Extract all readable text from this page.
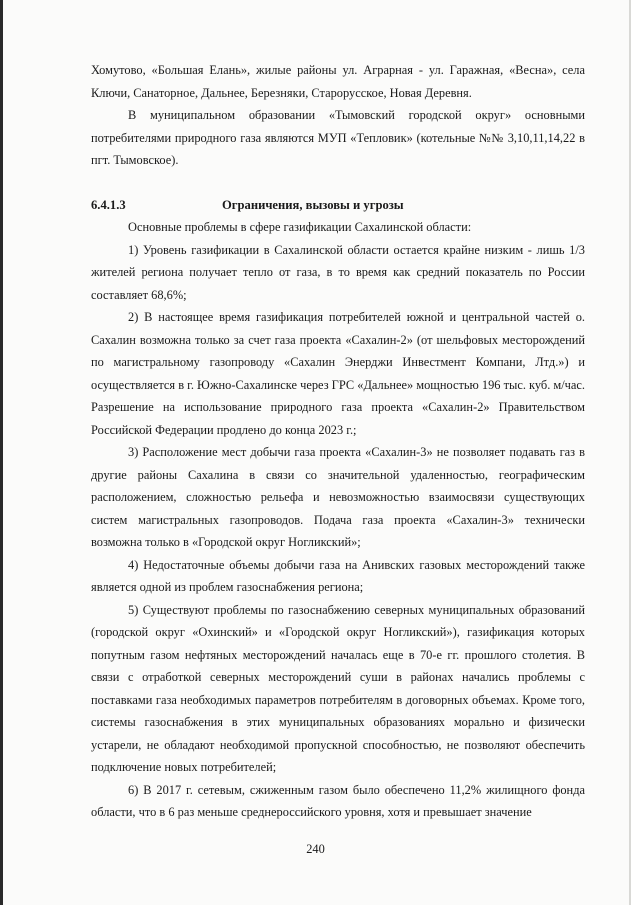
Хомутово, «Большая Елань», жилые районы ул. Аграрная - ул. Гаражная, «Весна», села Ключи, Санаторное, Дальнее, Березняки, Старорусское, Новая Деревня.

В муниципальном образовании «Тымовский городской округ» основными потребителями природного газа являются МУП «Тепловик» (котельные №№ 3,10,11,14,22 в пгт. Тымовское).

6.4.1.3	Ограничения, вызовы и угрозы

Основные проблемы в сфере газификации Сахалинской области:

1) Уровень газификации в Сахалинской области остается крайне низким - лишь 1/3 жителей региона получает тепло от газа, в то время как средний показатель по России составляет 68,6%;

2) В настоящее время газификация потребителей южной и центральной частей о. Сахалин возможна только за счет газа проекта «Сахалин-2» (от шельфовых месторождений по магистральному газопроводу «Сахалин Энерджи Инвестмент Компани, Лтд.») и осуществляется в г. Южно-Сахалинске через ГРС «Дальнее» мощностью 196 тыс. куб. м/час. Разрешение на использование природного газа проекта «Сахалин-2» Правительством Российской Федерации продлено до конца 2023 г.;

3) Расположение мест добычи газа проекта «Сахалин-3» не позволяет подавать газ в другие районы Сахалина в связи со значительной удаленностью, географическим расположением, сложностью рельефа и невозможностью взаимосвязи существующих систем магистральных газопроводов. Подача газа проекта «Сахалин-3» технически возможна только в «Городской округ Ногликский»;

4) Недостаточные объемы добычи газа на Анивских газовых месторождений также является одной из проблем газоснабжения региона;

5) Существуют проблемы по газоснабжению северных муниципальных образований (городской округ «Охинский» и «Городской округ Ногликский»), газификация которых попутным газом нефтяных месторождений началась еще в 70-е гг. прошлого столетия. В связи с отработкой северных месторождений суши в районах начались проблемы с поставками газа необходимых параметров потребителям в договорных объемах. Кроме того, системы газоснабжения в этих муниципальных образованиях морально и физически устарели, не обладают необходимой пропускной способностью, не позволяют обеспечить подключение новых потребителей;

6) В 2017 г. сетевым, сжиженным газом было обеспечено 11,2% жилищного фонда области, что в 6 раз меньше среднероссийского уровня, хотя и превышает значение

240
